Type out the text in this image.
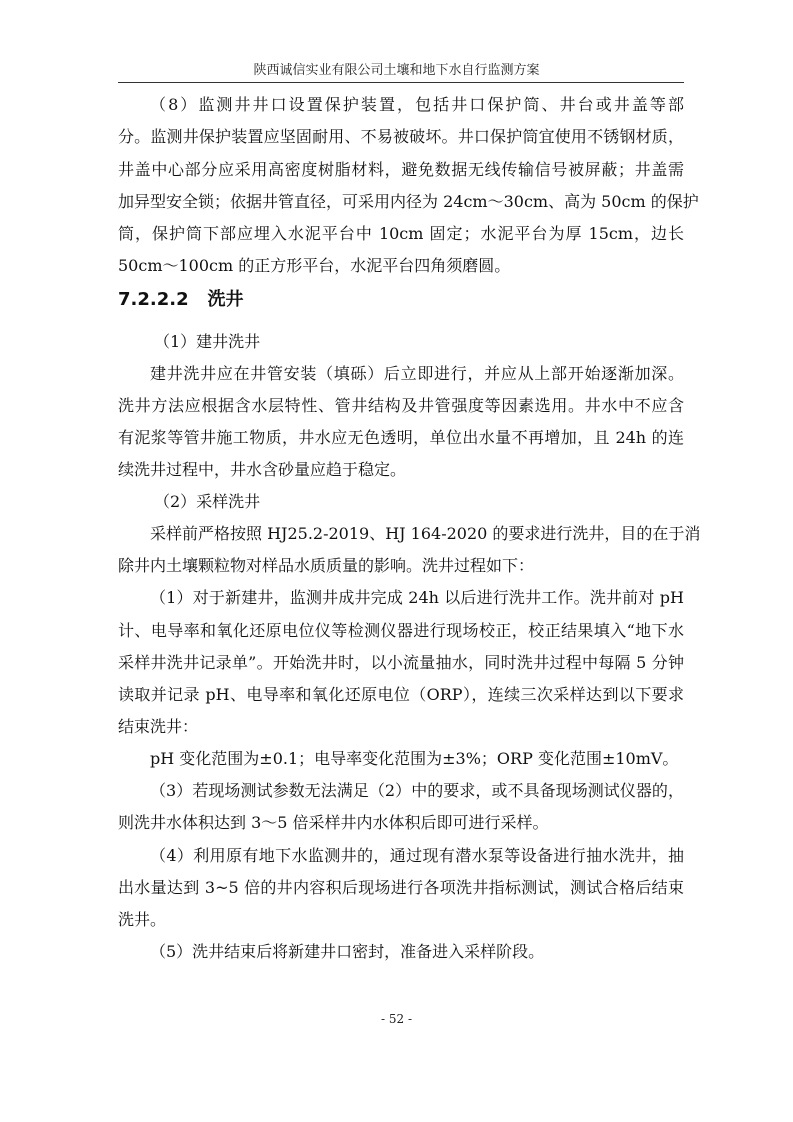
陕西诚信实业有限公司土壤和地下水自行监测方案
（8）监测井井口设置保护装置，包括井口保护筒、井台或井盖等部
分。监测井保护装置应坚固耐用、不易被破坏。井口保护筒宜使用不锈钢材质，
井盖中心部分应采用高密度树脂材料，避免数据无线传输信号被屏蔽；井盖需
加异型安全锁；依据井管直径，可采用内径为 24cm～30cm、高为 50cm 的保护
筒，保护筒下部应埋入水泥平台中 10cm 固定；水泥平台为厚 15cm，边长
50cm～100cm 的正方形平台，水泥平台四角须磨圆。
7.2.2.2 洗井
（1）建井洗井
建井洗井应在井管安装（填砾）后立即进行，并应从上部开始逐渐加深。
洗井方法应根据含水层特性、管井结构及井管强度等因素选用。井水中不应含
有泥浆等管井施工物质，井水应无色透明，单位出水量不再增加，且 24h 的连
续洗井过程中，井水含砂量应趋于稳定。
（2）采样洗井
采样前严格按照 HJ25.2-2019、HJ 164-2020 的要求进行洗井，目的在于消
除井内土壤颗粒物对样品水质质量的影响。洗井过程如下：
（1）对于新建井，监测井成井完成 24h 以后进行洗井工作。洗井前对 pH
计、电导率和氧化还原电位仪等检测仪器进行现场校正，校正结果填入“地下水
采样井洗井记录单”。开始洗井时，以小流量抽水，同时洗井过程中每隔 5 分钟
读取并记录 pH、电导率和氧化还原电位（ORP），连续三次采样达到以下要求
结束洗井：
pH 变化范围为±0.1；电导率变化范围为±3%；ORP 变化范围±10mV。
（3）若现场测试参数无法满足（2）中的要求，或不具备现场测试仪器的，
则洗井水体积达到 3～5 倍采样井内水体积后即可进行采样。
（4）利用原有地下水监测井的，通过现有潜水泵等设备进行抽水洗井，抽
出水量达到 3~5 倍的井内容积后现场进行各项洗井指标测试，测试合格后结束
洗井。
（5）洗井结束后将新建井口密封，准备进入采样阶段。
- 52 -
